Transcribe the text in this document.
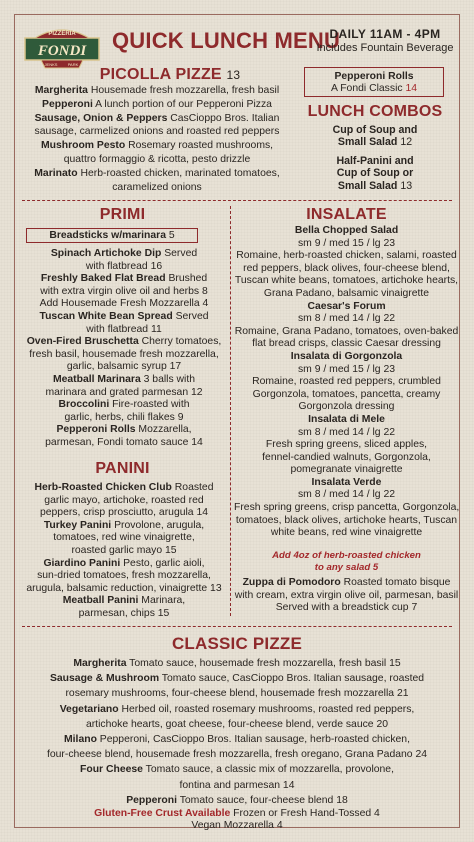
PIZZERIA
FONDI
JENKS	PARK
QUICK LUNCH MENU
DAILY 11AM - 4PM
Includes Fountain Beverage
PICOLLA PIZZE 13
Margherita Housemade fresh mozzarella, fresh basil
Pepperoni A lunch portion of our Pepperoni Pizza
Sausage, Onion & Peppers CasCioppo Bros. Italian
sausage, carmelized onions and roasted red peppers
Mushroom Pesto Rosemary roasted mushrooms,
quattro formaggio & ricotta, pesto drizzle
Marinato Herb-roasted chicken, marinated tomatoes,
caramelized onions
Pepperoni Rolls
A Fondi Classic 14
LUNCH COMBOS
Cup of Soup and
Small Salad 12
Half-Panini and
Cup of Soup or
Small Salad 13
PRIMI
Breadsticks w/marinara 5
Spinach Artichoke Dip Served
with flatbread 16
Freshly Baked Flat Bread Brushed
with extra virgin olive oil and herbs 8
Add Housemade Fresh Mozzarella 4
Tuscan White Bean Spread Served
with flatbread 11
Oven-Fired Bruschetta Cherry tomatoes,
fresh basil, housemade fresh mozzarella,
garlic, balsamic syrup 17
Meatball Marinara 3 balls with
marinara and grated parmesan 12
Broccolini Fire-roasted with
garlic, herbs, chili flakes 9
Pepperoni Rolls Mozzarella,
parmesan, Fondi tomato sauce 14
PANINI
Herb-Roasted Chicken Club Roasted
garlic mayo, artichoke, roasted red
peppers, crisp prosciutto, arugula 14
Turkey Panini Provolone, arugula,
tomatoes, red wine vinaigrette,
roasted garlic mayo 15
Giardino Panini Pesto, garlic aioli,
sun-dried tomatoes, fresh mozzarella,
arugula, balsamic reduction, vinaigrette 13
Meatball Panini Marinara,
parmesan, chips 15
INSALATE
Bella Chopped Salad
sm 9 / med 15 / lg 23
Romaine, herb-roasted chicken, salami, roasted
red peppers, black olives, four-cheese blend,
Tuscan white beans, tomatoes, artichoke hearts,
Grana Padano, balsamic vinaigrette
Caesar's Forum
sm 8 / med 14 / lg 22
Romaine, Grana Padano, tomatoes, oven-baked
flat bread crisps, classic Caesar dressing
Insalata di Gorgonzola
sm 9 / med 15 / lg 23
Romaine, roasted red peppers, crumbled
Gorgonzola, tomatoes, pancetta, creamy
Gorgonzola dressing
Insalata di Mele
sm 8 / med 14 / lg 22
Fresh spring greens, sliced apples,
fennel-candied walnuts, Gorgonzola,
pomegranate vinaigrette
Insalata Verde
sm 8 / med 14 / lg 22
Fresh spring greens, crisp pancetta, Gorgonzola,
tomatoes, black olives, artichoke hearts, Tuscan
white beans, red wine vinaigrette
Add 4oz of herb-roasted chicken
to any salad 5
Zuppa di Pomodoro Roasted tomato bisque
with cream, extra virgin olive oil, parmesan, basil
Served with a breadstick cup 7
CLASSIC PIZZE
Margherita Tomato sauce, housemade fresh mozzarella, fresh basil 15
Sausage & Mushroom Tomato sauce, CasCioppo Bros. Italian sausage, roasted
rosemary mushrooms, four-cheese blend, housemade fresh mozzarella 21
Vegetariano Herbed oil, roasted rosemary mushrooms, roasted red peppers,
artichoke hearts, goat cheese, four-cheese blend, verde sauce 20
Milano Pepperoni, CasCioppo Bros. Italian sausage, herb-roasted chicken,
four-cheese blend, housemade fresh mozzarella, fresh oregano, Grana Padano 24
Four Cheese Tomato sauce, a classic mix of mozzarella, provolone,
fontina and parmesan 14
Pepperoni Tomato sauce, four-cheese blend 18
Gluten-Free Crust Available Frozen or Fresh Hand-Tossed 4
Vegan Mozzarella 4
